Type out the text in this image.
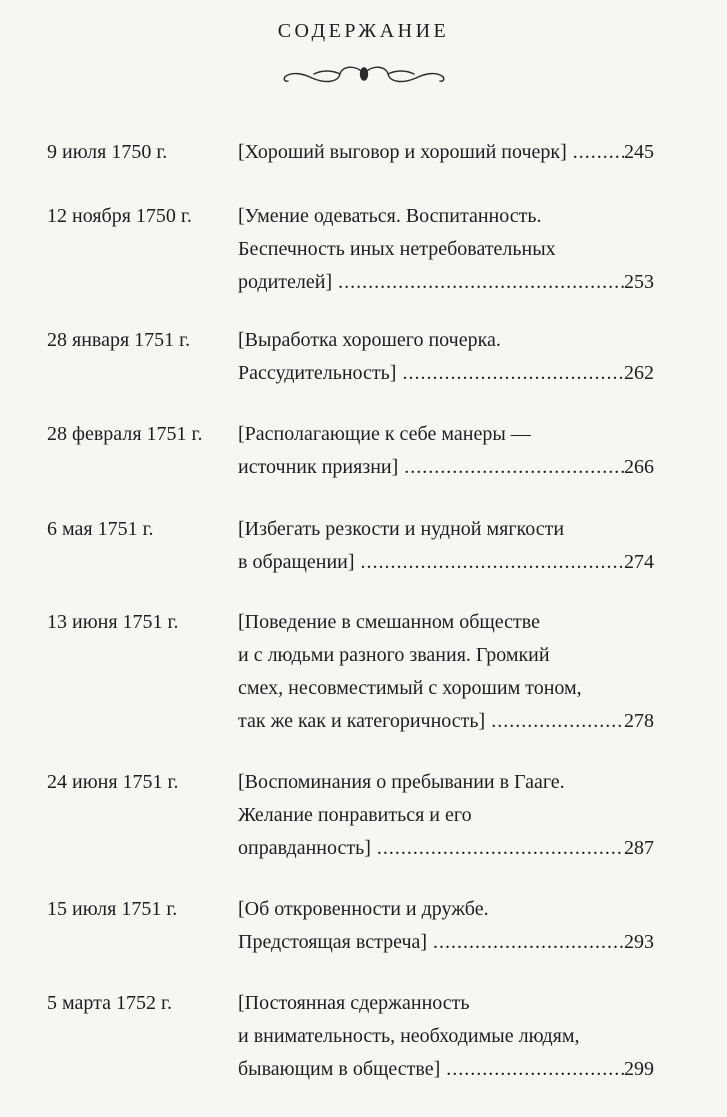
СОДЕРЖАНИЕ
9 июля 1750 г.	[Хороший выговор и хороший почерк] .....	245
12 ноября 1750 г. [Умение одеваться. Воспитанность.
Беспечность иных нетребовательных
родителей] .....	253
28 января 1751 г. [Выработка хорошего почерка.
Рассудительность] .....	262
28 февраля 1751 г. [Располагающие к себе манеры —
источник приязни] .....	266
6 мая 1751 г.	[Избегать резкости и нудной мягкости
в обращении] .....	274
13 июня 1751 г.	[Поведение в смешанном обществе
и с людьми разного звания. Громкий
смех, несовместимый с хорошим тоном,
так же как и категоричность] .....	278
24 июня 1751 г.	[Воспоминания о пребывании в Гааге.
Желание понравиться и его
оправданность] .....	287
15 июля 1751 г.	[Об откровенности и дружбе.
Предстоящая встреча] .....	293
5 марта 1752 г.	[Постоянная сдержанность
и внимательность, необходимые людям,
бывающим в обществе] .....	299
